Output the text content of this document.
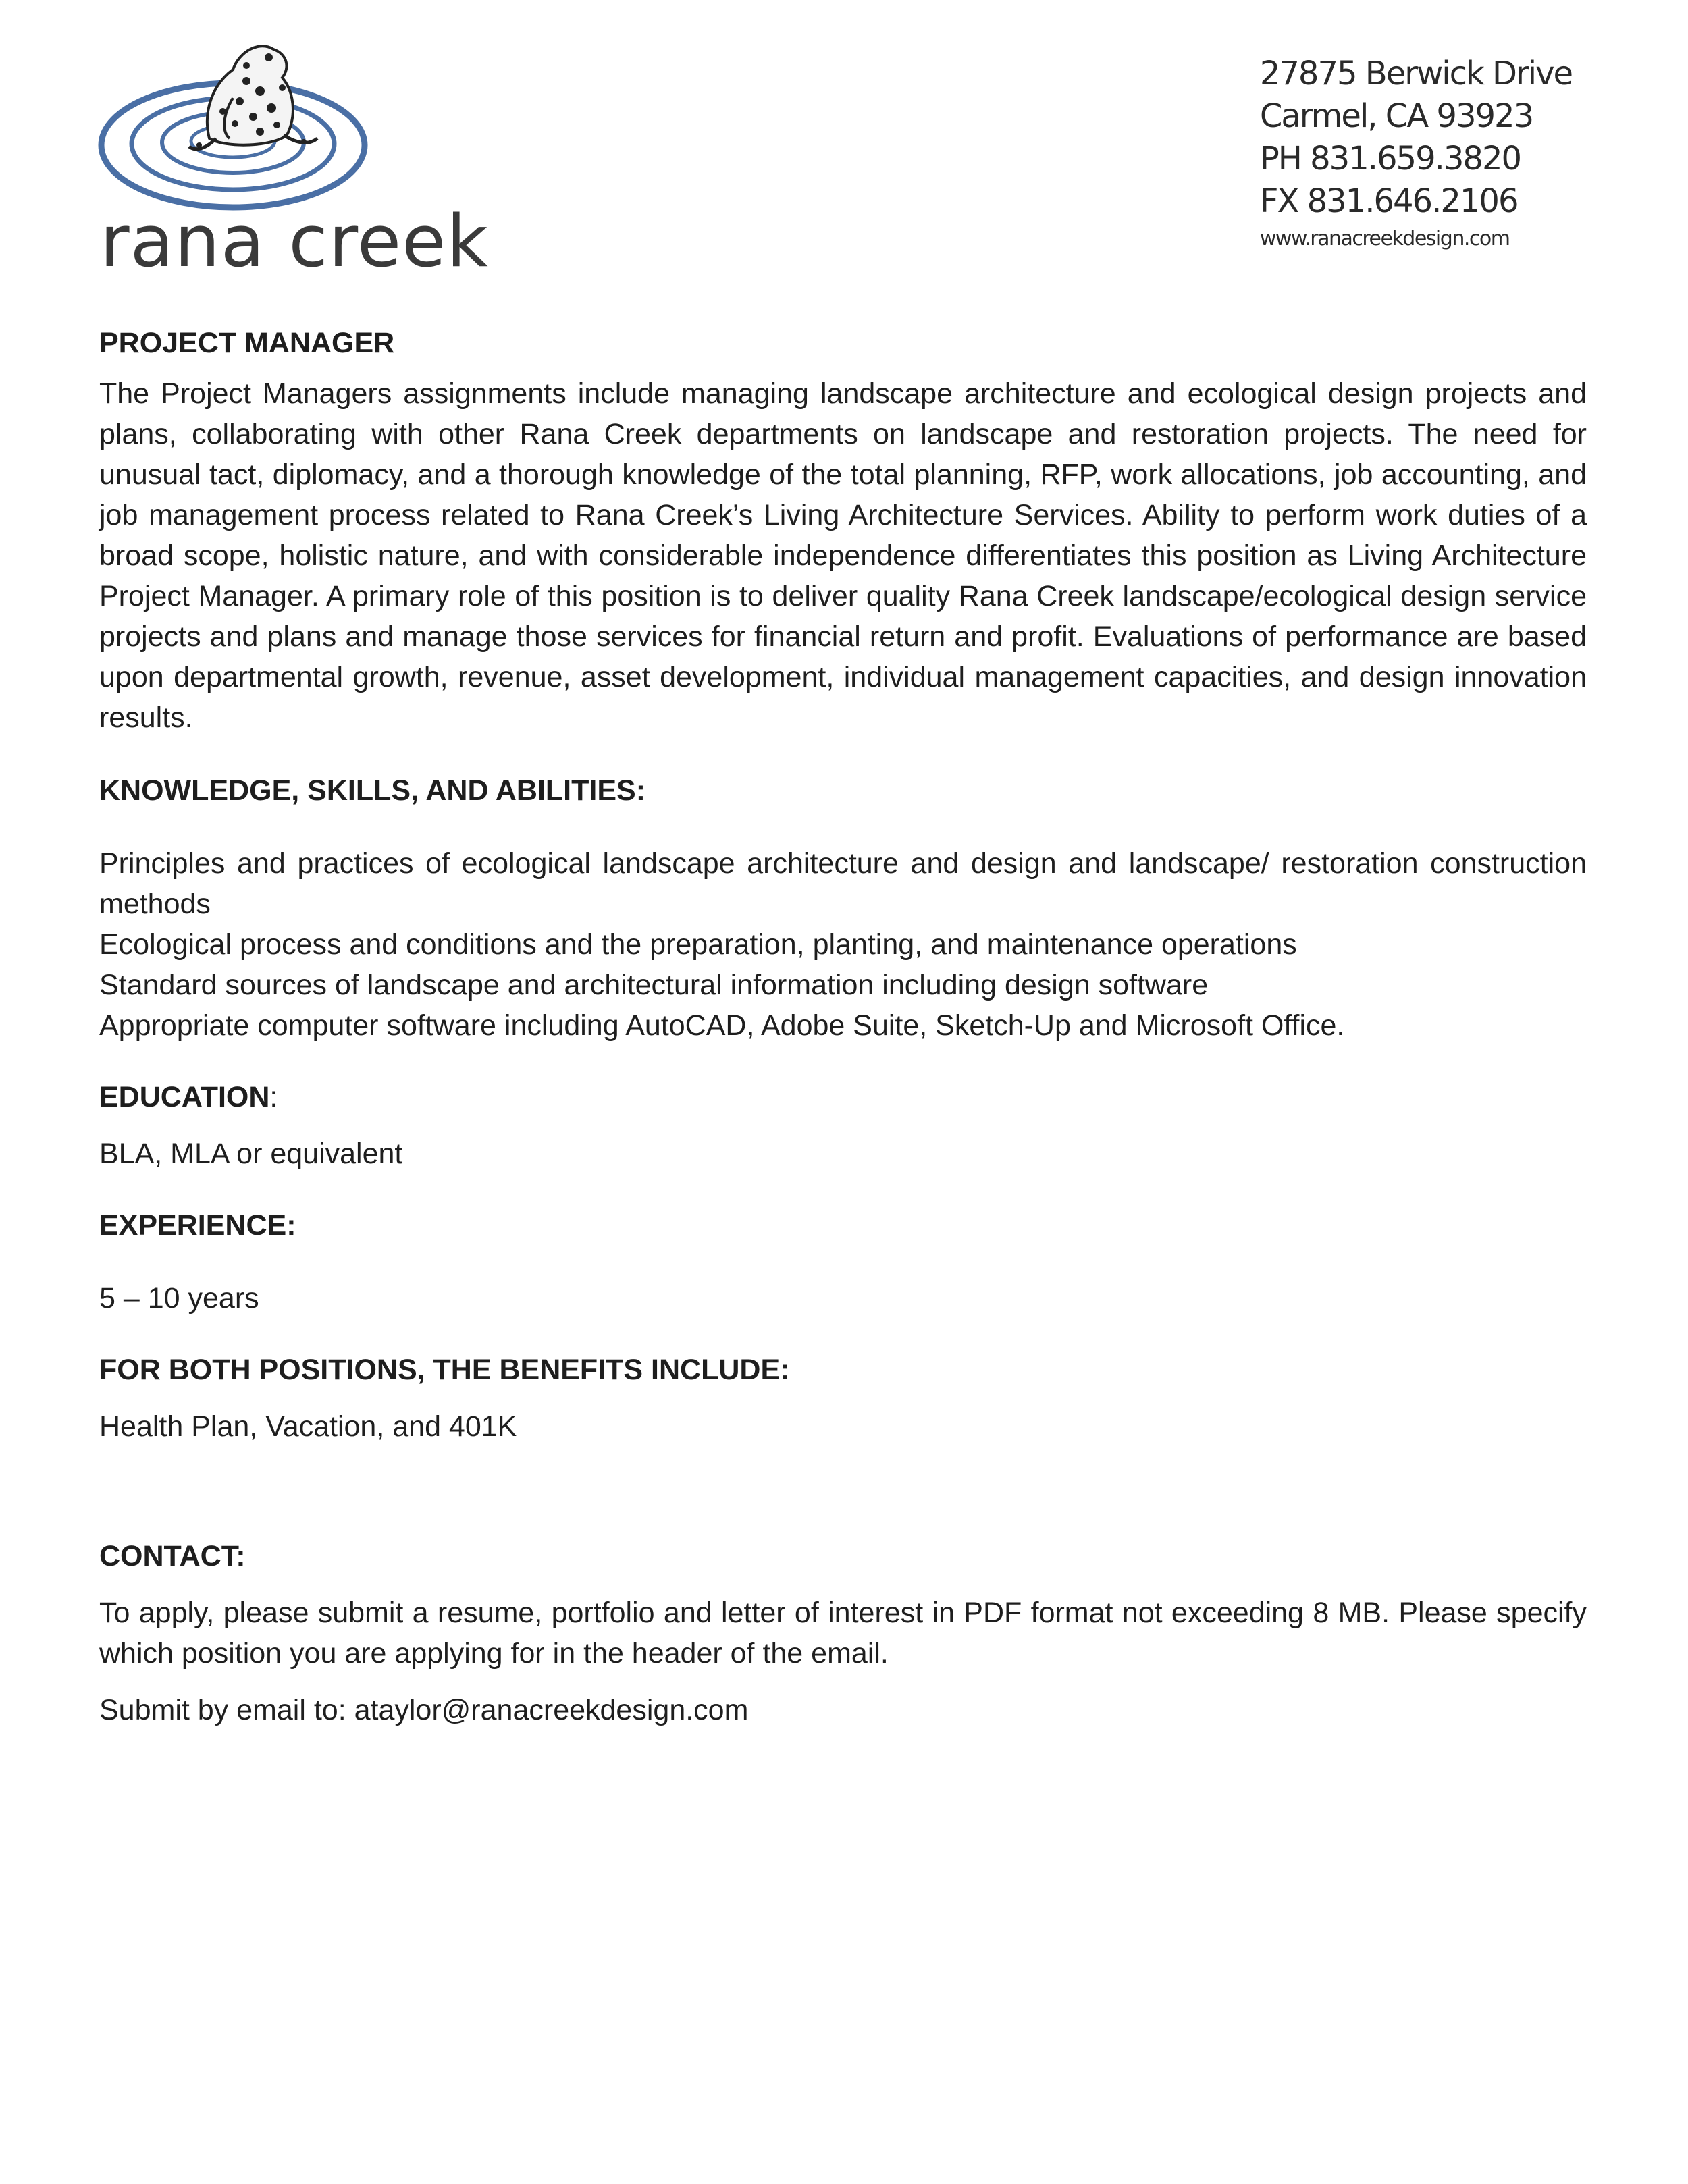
rana creek
27875 Berwick Drive
Carmel, CA 93923
PH 831.659.3820
FX 831.646.2106
www.ranacreekdesign.com
PROJECT MANAGER

The Project Managers assignments include managing landscape architecture and ecological design projects and plans, collaborating with other Rana Creek departments on landscape and restoration projects. The need for unusual tact, diplomacy, and a thorough knowledge of the total planning, RFP, work allocations, job accounting, and job management process related to Rana Creek’s Living Architecture Services. Ability to perform work duties of a broad scope, holistic nature, and with considerable independence differentiates this position as Living Architecture Project Manager. A primary role of this position is to deliver quality Rana Creek landscape/ecological design service projects and plans and manage those services for financial return and profit. Evaluations of performance are based upon departmental growth, revenue, asset development, individual management capacities, and design innovation results.

KNOWLEDGE, SKILLS, AND ABILITIES:

Principles and practices of ecological landscape architecture and design and landscape/ restoration construction methods

Ecological process and conditions and the preparation, planting, and maintenance operations

Standard sources of landscape and architectural information including design software

Appropriate computer software including AutoCAD, Adobe Suite, Sketch-Up and Microsoft Office.

EDUCATION:

BLA, MLA or equivalent

EXPERIENCE:

5 – 10 years

FOR BOTH POSITIONS, THE BENEFITS INCLUDE:

Health Plan, Vacation, and 401K

CONTACT:

To apply, please submit a resume, portfolio and letter of interest in PDF format not exceeding 8 MB. Please specify which position you are applying for in the header of the email.

Submit by email to: ataylor@ranacreekdesign.com
